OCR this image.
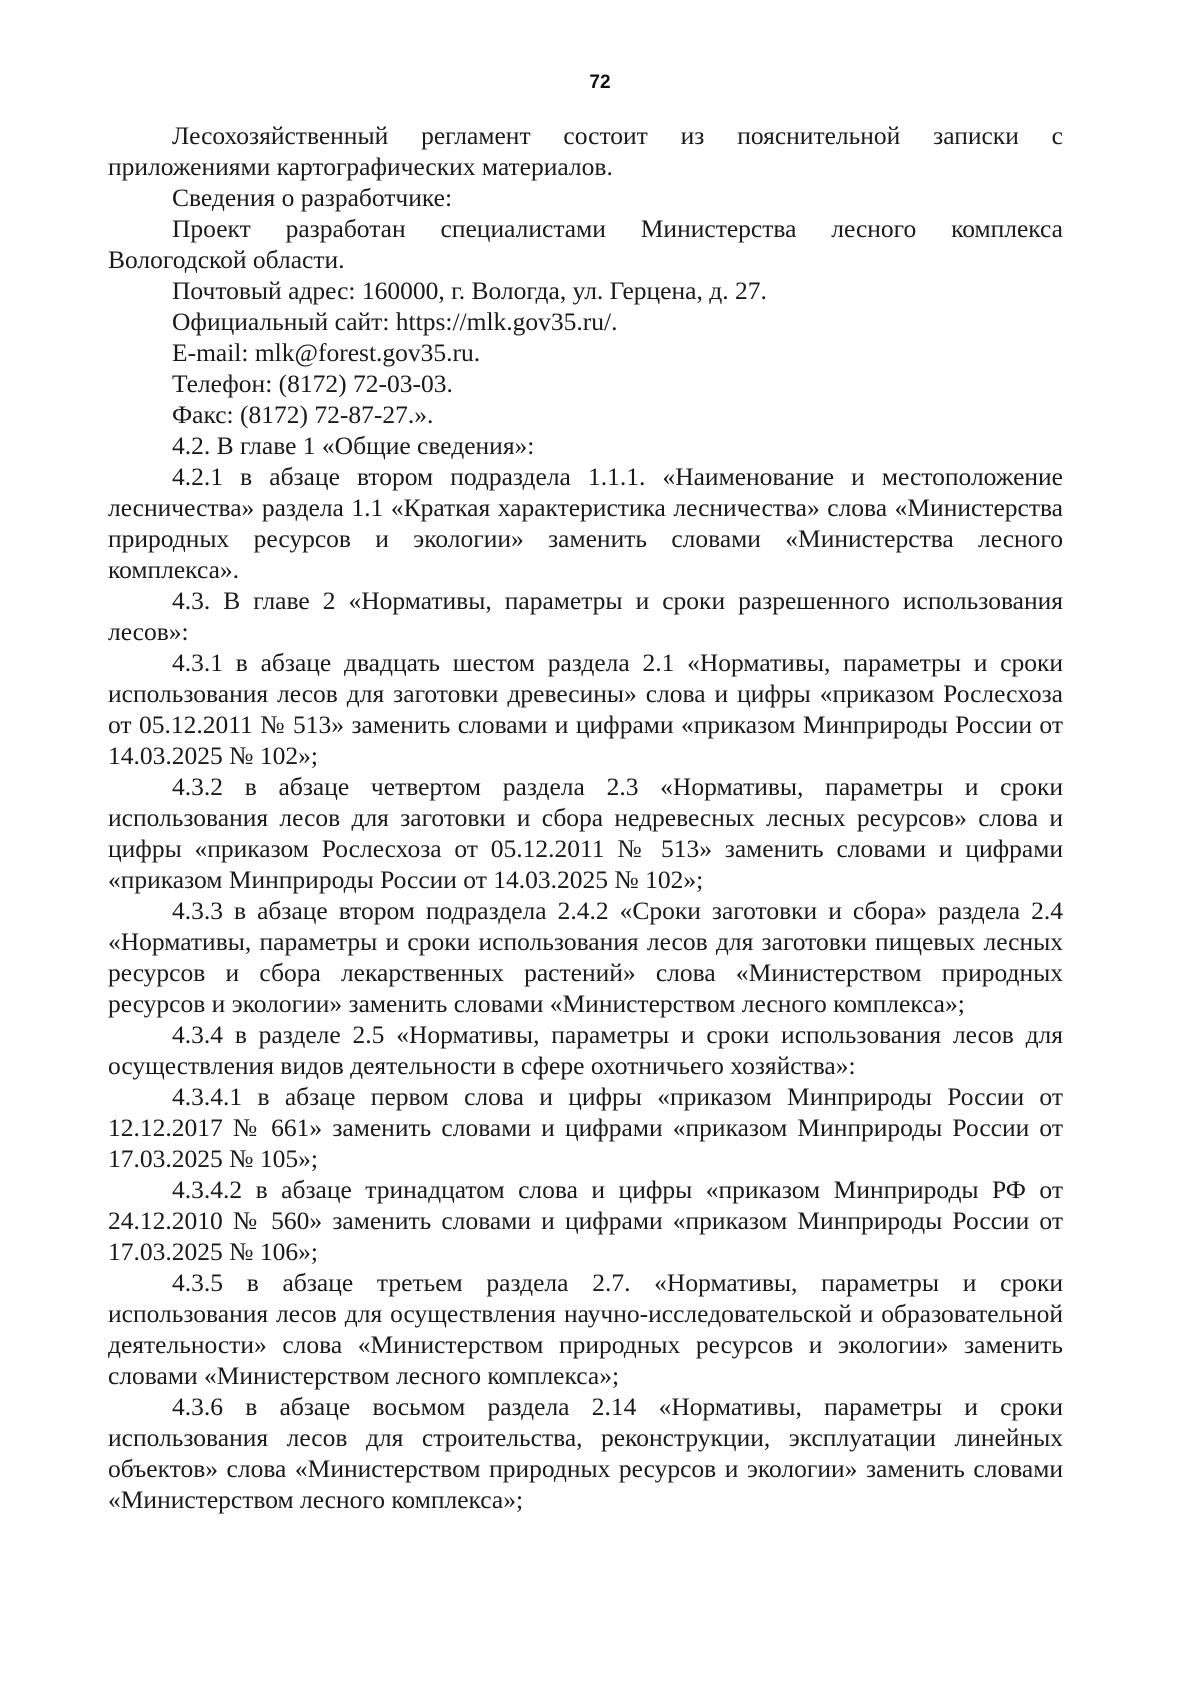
72

Лесохозяйственный регламент состоит из пояснительной записки с приложениями картографических материалов.

Сведения о разработчике:

Проект разработан специалистами Министерства лесного комплекса Вологодской области.

Почтовый адрес: 160000, г. Вологда, ул. Герцена, д. 27.

Официальный сайт: https://mlk.gov35.ru/.

E-mail: mlk@forest.gov35.ru.

Телефон: (8172) 72-03-03.

Факс: (8172) 72-87-27.».

4.2. В главе 1 «Общие сведения»:

4.2.1 в абзаце втором подраздела 1.1.1. «Наименование и местоположение лесничества» раздела 1.1 «Краткая характеристика лесничества» слова «Министерства природных ресурсов и экологии» заменить словами «Министерства лесного комплекса».

4.3. В главе 2 «Нормативы, параметры и сроки разрешенного использования лесов»:

4.3.1 в абзаце двадцать шестом раздела 2.1 «Нормативы, параметры и сроки использования лесов для заготовки древесины» слова и цифры «приказом Рослесхоза от 05.12.2011 № 513» заменить словами и цифрами «приказом Минприроды России от 14.03.2025 № 102»;

4.3.2 в абзаце четвертом раздела 2.3 «Нормативы, параметры и сроки использования лесов для заготовки и сбора недревесных лесных ресурсов» слова и цифры «приказом Рослесхоза от 05.12.2011 № 513» заменить словами и цифрами «приказом Минприроды России от 14.03.2025 № 102»;

4.3.3 в абзаце втором подраздела 2.4.2 «Сроки заготовки и сбора» раздела 2.4 «Нормативы, параметры и сроки использования лесов для заготовки пищевых лесных ресурсов и сбора лекарственных растений» слова «Министерством природных ресурсов и экологии» заменить словами «Министерством лесного комплекса»;

4.3.4 в разделе 2.5 «Нормативы, параметры и сроки использования лесов для осуществления видов деятельности в сфере охотничьего хозяйства»:

4.3.4.1 в абзаце первом слова и цифры «приказом Минприроды России от 12.12.2017 № 661» заменить словами и цифрами «приказом Минприроды России от 17.03.2025 № 105»;

4.3.4.2 в абзаце тринадцатом слова и цифры «приказом Минприроды РФ от 24.12.2010 № 560» заменить словами и цифрами «приказом Минприроды России от 17.03.2025 № 106»;

4.3.5 в абзаце третьем раздела 2.7. «Нормативы, параметры и сроки использования лесов для осуществления научно-исследовательской и образовательной деятельности» слова «Министерством природных ресурсов и экологии» заменить словами «Министерством лесного комплекса»;

4.3.6 в абзаце восьмом раздела 2.14 «Нормативы, параметры и сроки использования лесов для строительства, реконструкции, эксплуатации линейных объектов» слова «Министерством природных ресурсов и экологии» заменить словами «Министерством лесного комплекса»;
